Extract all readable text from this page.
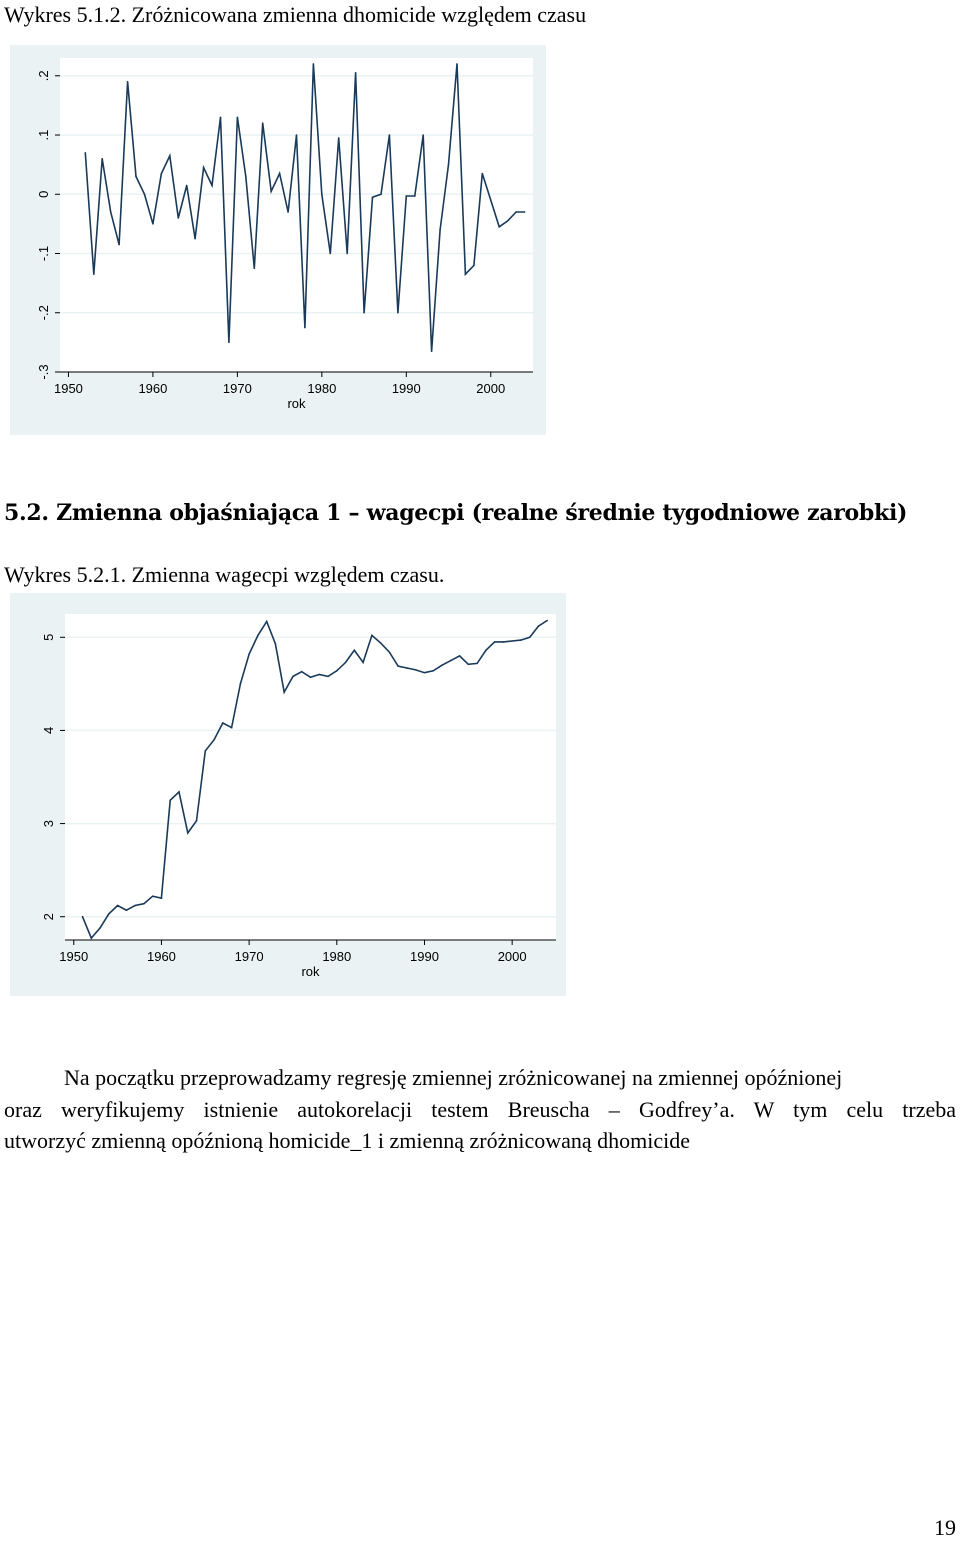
Wykres 5.1.2. Zróżnicowana zmienna dhomicide względem czasu
-.3
-.2
-.1
0
.1
.2
1950	1960	1970	1980	1990	2000
rok
5.2. Zmienna objaśniająca 1 – wagecpi (realne średnie tygodniowe zarobki)
Wykres 5.2.1. Zmienna wagecpi względem czasu.
2
3
4
5
1950	1960	1970	1980	1990	2000
rok
Na początku przeprowadzamy regresję zmiennej zróżnicowanej na zmiennej opóźnionej
oraz weryfikujemy istnienie autokorelacji testem Breuscha – Godfrey’a. W tym celu trzeba
utworzyć zmienną opóźnioną homicide_1 i zmienną zróżnicowaną dhomicide
19
